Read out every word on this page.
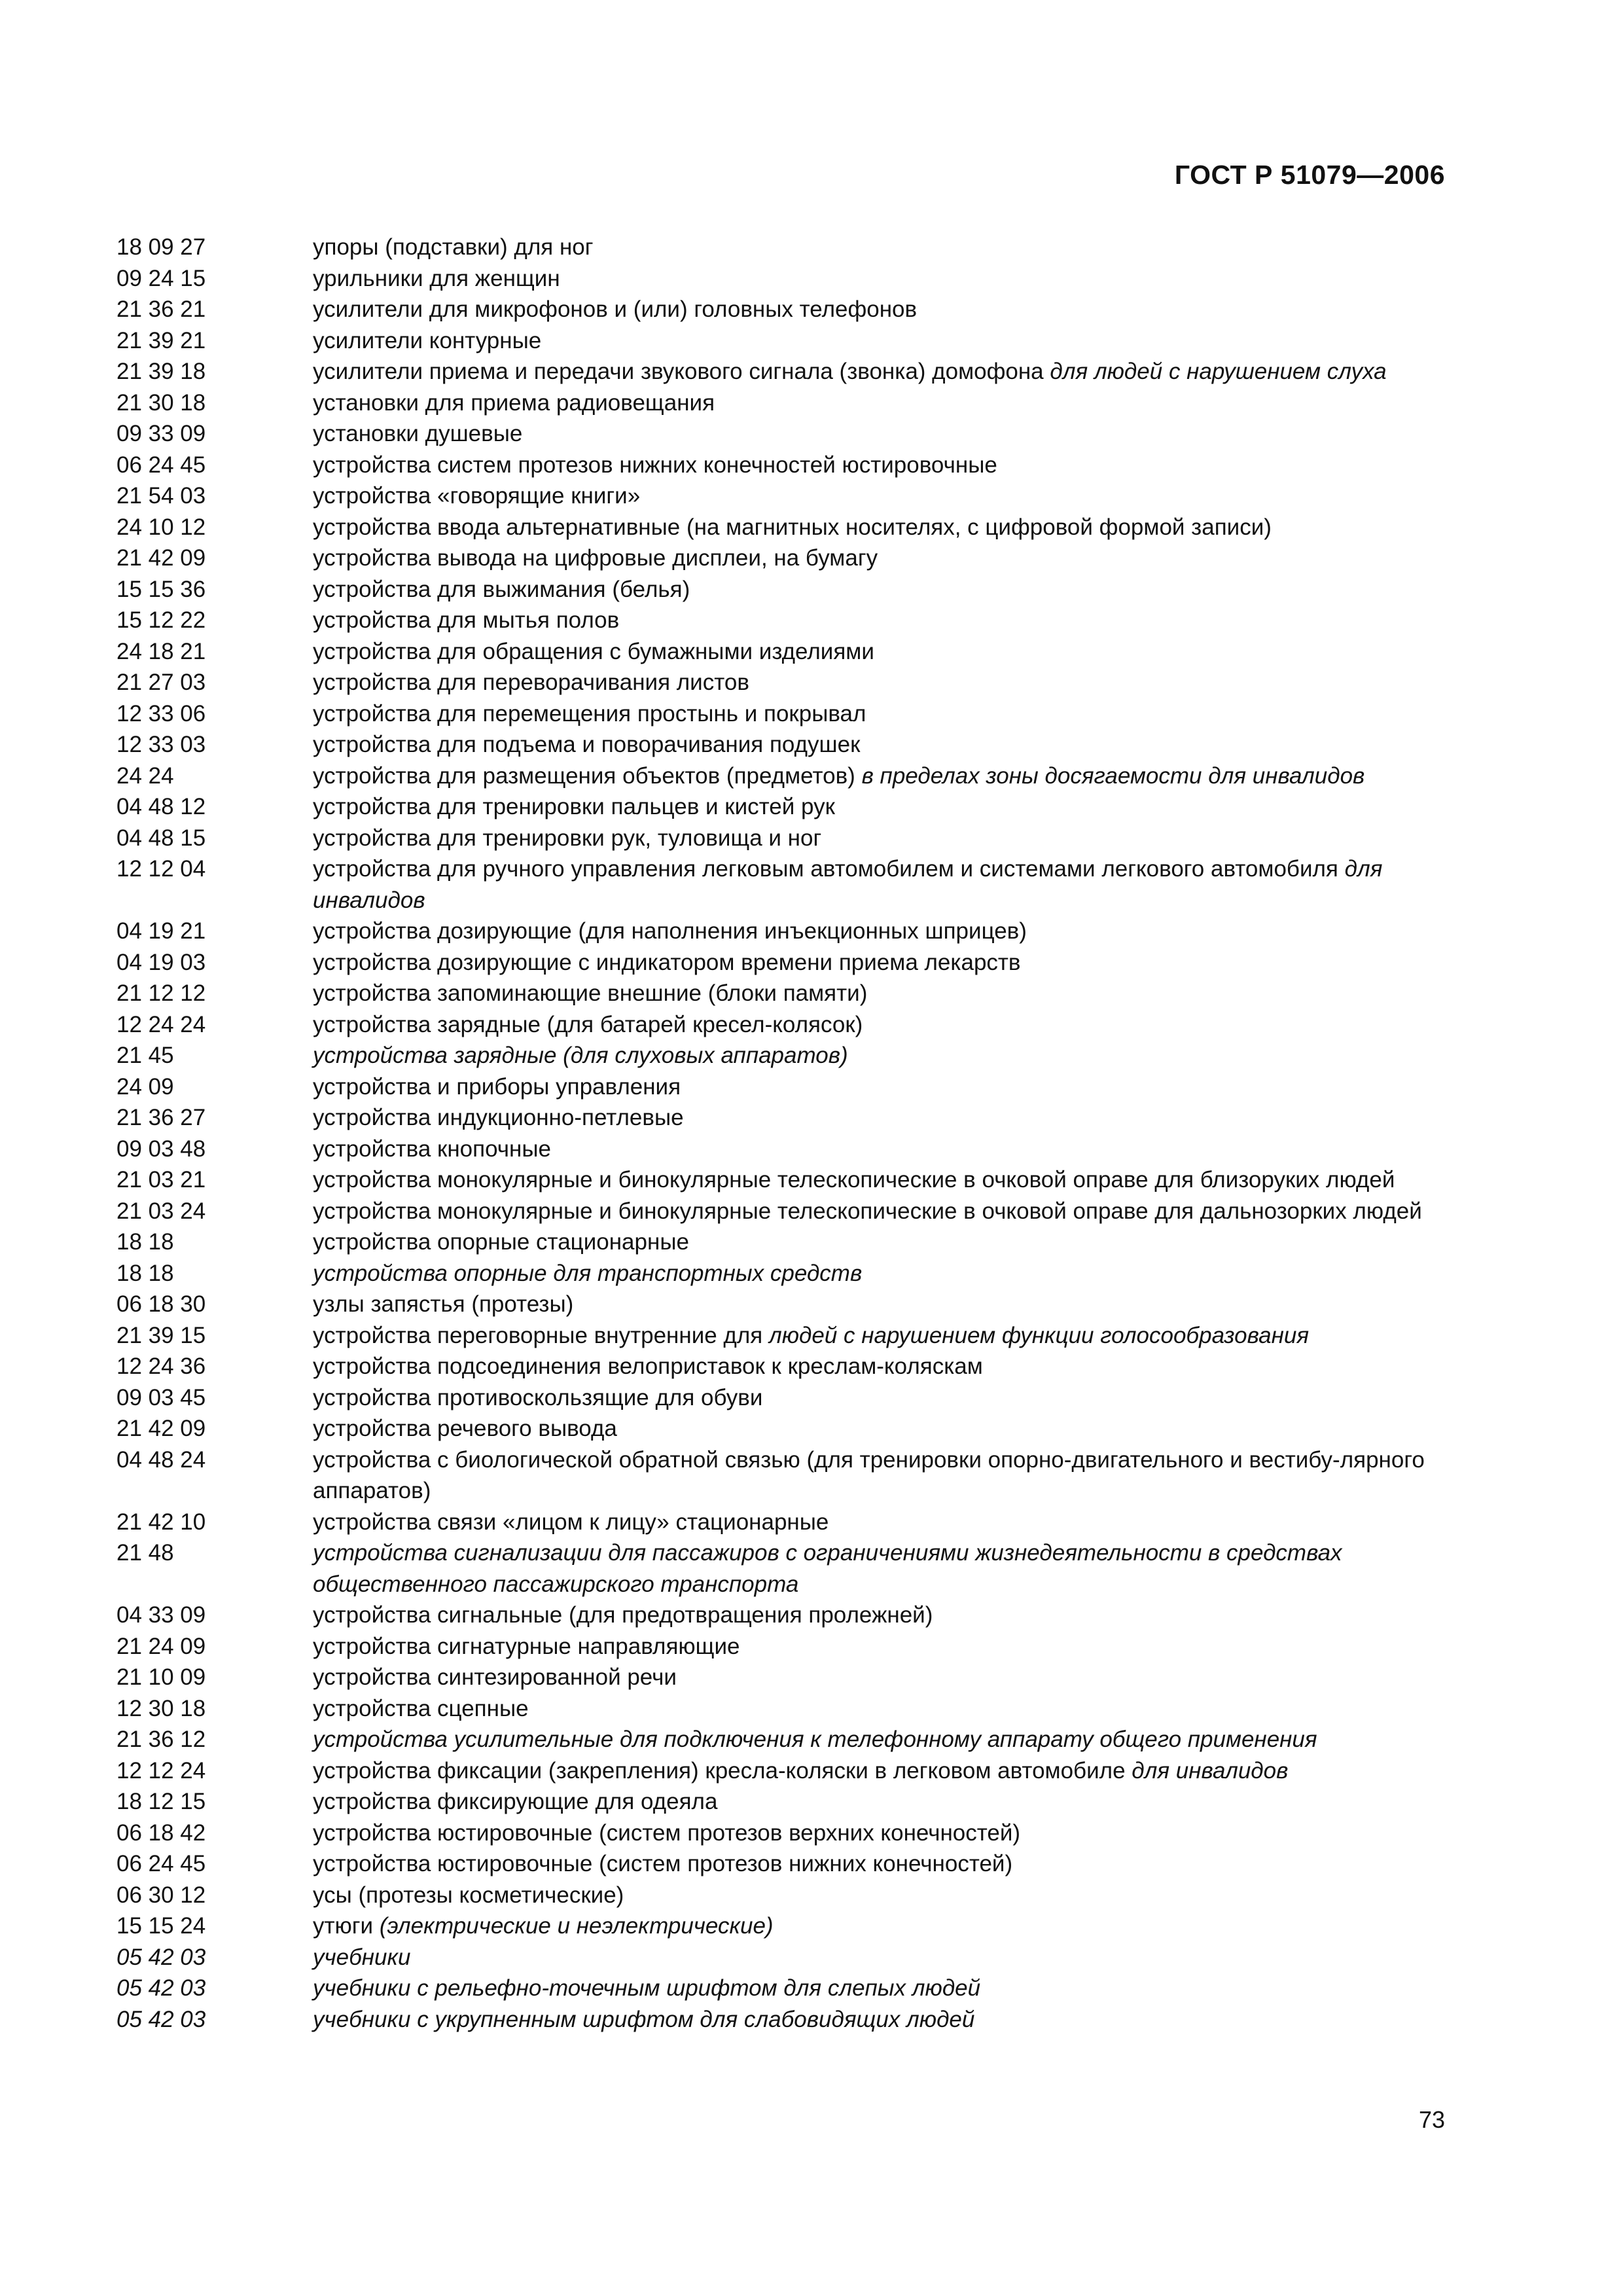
ГОСТ Р 51079—2006
18 09 27	упоры (подставки) для ног
09 24 15	урильники для женщин
21 36 21	усилители для микрофонов и (или) головных телефонов
21 39 21	усилители контурные
21 39 18	усилители приема и передачи звукового сигнала (звонка) домофона для людей с нарушением слуха
21 30 18	установки для приема радиовещания
09 33 09	установки душевые
06 24 45	устройства систем протезов нижних конечностей юстировочные
21 54 03	устройства «говорящие книги»
24 10 12	устройства ввода альтернативные (на магнитных носителях, с цифровой формой записи)
21 42 09	устройства вывода на цифровые дисплеи, на бумагу
15 15 36	устройства для выжимания (белья)
15 12 22	устройства для мытья полов
24 18 21	устройства для обращения с бумажными изделиями
21 27 03	устройства для переворачивания листов
12 33 06	устройства для перемещения простынь и покрывал
12 33 03	устройства для подъема и поворачивания подушек
24 24	устройства для размещения объектов (предметов) в пределах зоны досягаемости для инвалидов
04 48 12	устройства для тренировки пальцев и кистей рук
04 48 15	устройства для тренировки рук, туловища и ног
12 12 04	устройства для ручного управления легковым автомобилем и системами легкового автомобиля для инвалидов
04 19 21	устройства дозирующие (для наполнения инъекционных шприцев)
04 19 03	устройства дозирующие с индикатором времени приема лекарств
21 12 12	устройства запоминающие внешние (блоки памяти)
12 24 24	устройства зарядные (для батарей кресел-колясок)
21 45	устройства зарядные (для слуховых аппаратов)
24 09	устройства и приборы управления
21 36 27	устройства индукционно-петлевые
09 03 48	устройства кнопочные
21 03 21	устройства монокулярные и бинокулярные телескопические в очковой оправе для близоруких людей
21 03 24	устройства монокулярные и бинокулярные телескопические в очковой оправе для дальнозорких людей
18 18	устройства опорные стационарные
18 18	устройства опорные для транспортных средств
06 18 30	узлы запястья (протезы)
21 39 15	устройства переговорные внутренние для людей с нарушением функции голосообразования
12 24 36	устройства подсоединения велоприставок к креслам-коляскам
09 03 45	устройства противоскользящие для обуви
21 42 09	устройства речевого вывода
04 48 24	устройства с биологической обратной связью (для тренировки опорно-двигательного и вестибу-лярного аппаратов)
21 42 10	устройства связи «лицом к лицу» стационарные
21 48	устройства сигнализации для пассажиров с ограничениями жизнедеятельности в средствах общественного пассажирского транспорта
04 33 09	устройства сигнальные (для предотвращения пролежней)
21 24 09	устройства сигнатурные направляющие
21 10 09	устройства синтезированной речи
12 30 18	устройства сцепные
21 36 12	устройства усилительные для подключения к телефонному аппарату общего применения
12 12 24	устройства фиксации (закрепления) кресла-коляски в легковом автомобиле для инвалидов
18 12 15	устройства фиксирующие для одеяла
06 18 42	устройства юстировочные (систем протезов верхних конечностей)
06 24 45	устройства юстировочные (систем протезов нижних конечностей)
06 30 12	усы (протезы косметические)
15 15 24	утюги (электрические и неэлектрические)
05 42 03	учебники
05 42 03	учебники с рельефно-точечным шрифтом для слепых людей
05 42 03	учебники с укрупненным шрифтом для слабовидящих людей
73
